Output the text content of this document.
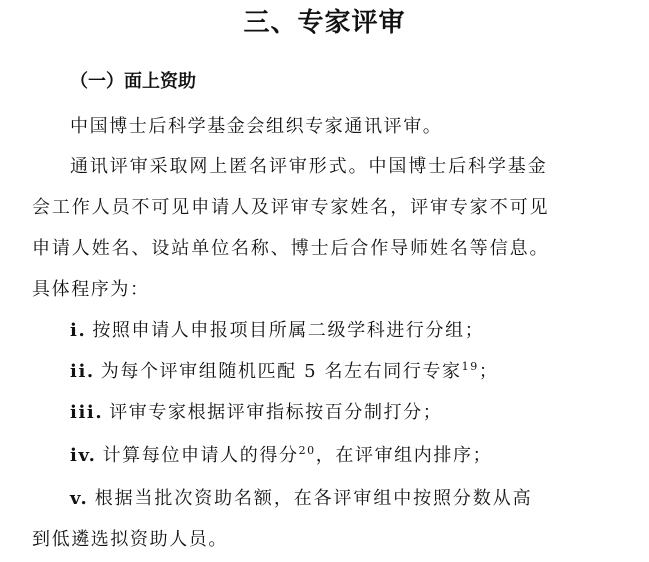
三、专家评审
（一）面上资助
中国博士后科学基金会组织专家通讯评审。
通讯评审采取网上匿名评审形式。中国博士后科学基金
会工作人员不可见申请人及评审专家姓名，评审专家不可见
申请人姓名、设站单位名称、博士后合作导师姓名等信息。
具体程序为：
i. 按照申请人申报项目所属二级学科进行分组；
ii. 为每个评审组随机匹配 5 名左右同行专家$^{19}$；
iii. 评审专家根据评审指标按百分制打分；
iv. 计算每位申请人的得分$^{20}$，在评审组内排序；
v. 根据当批次资助名额，在各评审组中按照分数从高
到低遴选拟资助人员。
